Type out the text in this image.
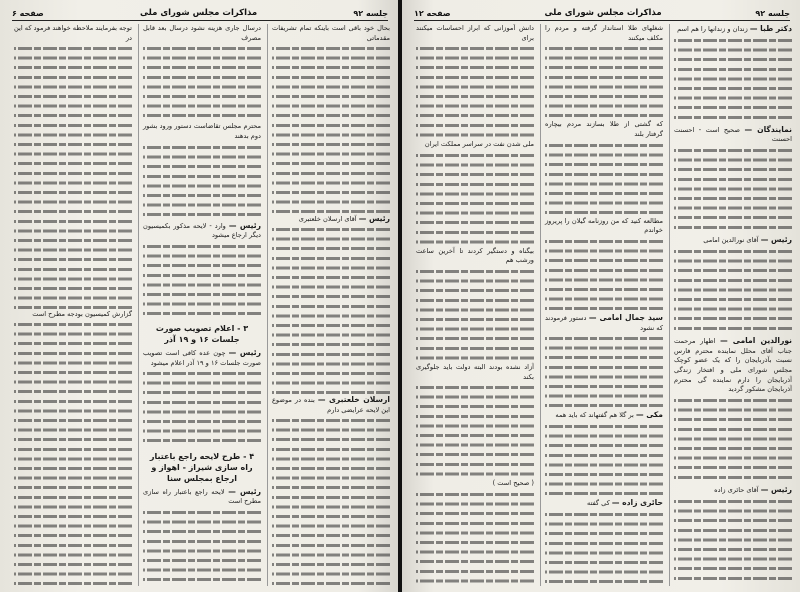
جلسه ۹۲
مذاکرات مجلس شورای ملی
صفحه ۶

بحال خود باقی است باینکه تمام تشریفات مقدماتی

رئیس — آقای ارسلان خلعتبری

ارسلان خلعتبری — بنده در موضوع این لایحه عرایضی دارم

درسال جاری هزینه نشود درسال بعد قابل مصرف

محترم مجلس تقاضاست دستور ورود بشور دوم بدهند

رئیس — وارد - لایحه مذکور بکمیسیون دیگر ارجاع میشود

۳ - اعلام تصویب صورت جلسات ۱۶ و ۱۹ آذر

رئیس — چون عده کافی است تصویب صورت جلسات ۱۶ و ۱۹ آذر اعلام میشود

۴ - طرح لایحه راجع باعتبار راه سازی شیراز - اهواز و ارجاع بمجلس سنا

رئیس — لایحه راجع باعتبار راه سازی مطرح است

توجه بفرمایند ملاحظه خواهند فرمود که این در

گزارش کمیسیون بودجه مطرح است

جلسه ۹۲
مذاکرات مجلس شورای ملی
صفحه ۱۲

دکتر طبا — زندان و زندانها را هم اسم

نمایندگان — صحیح است - احسنت احسنت

رئیس — آقای نورالدین امامی

نورالدین امامی — اظهار مرحمت جناب آقای محلل نماینده محترم فارس نسبت بآذربایجان را که یک عضو کوچک مجلس شورای ملی و افتخار زندگی آذربایجان را دارم نماینده گی محترم آذربایجان مشکور گردید

رئیس — آقای حائری زاده

شغلهای طلا استاندار گرفته و مردم را مکلف میکنند

که گشتی از طلا بسازند مردم بیچاره گرفتار بلند

مطالعه کنید که من روزنامه گیلان را پریروز خواندم

سید جمال امامی — دستور فرمودند که نشود

مکی — بر گلا هم گفتهاند که باید همه

حائری زاده — کی گفته

دانش آموزانی که ابراز احساسات میکنند برای

ملی شدن نفت در سراسر مملکت ایران

بیگناه و دستگیر کردند تا آخرین ساعت ورشب هم

آزاد نشده بودند البته دولت باید جلوگیری بکند

( صحیح است )
